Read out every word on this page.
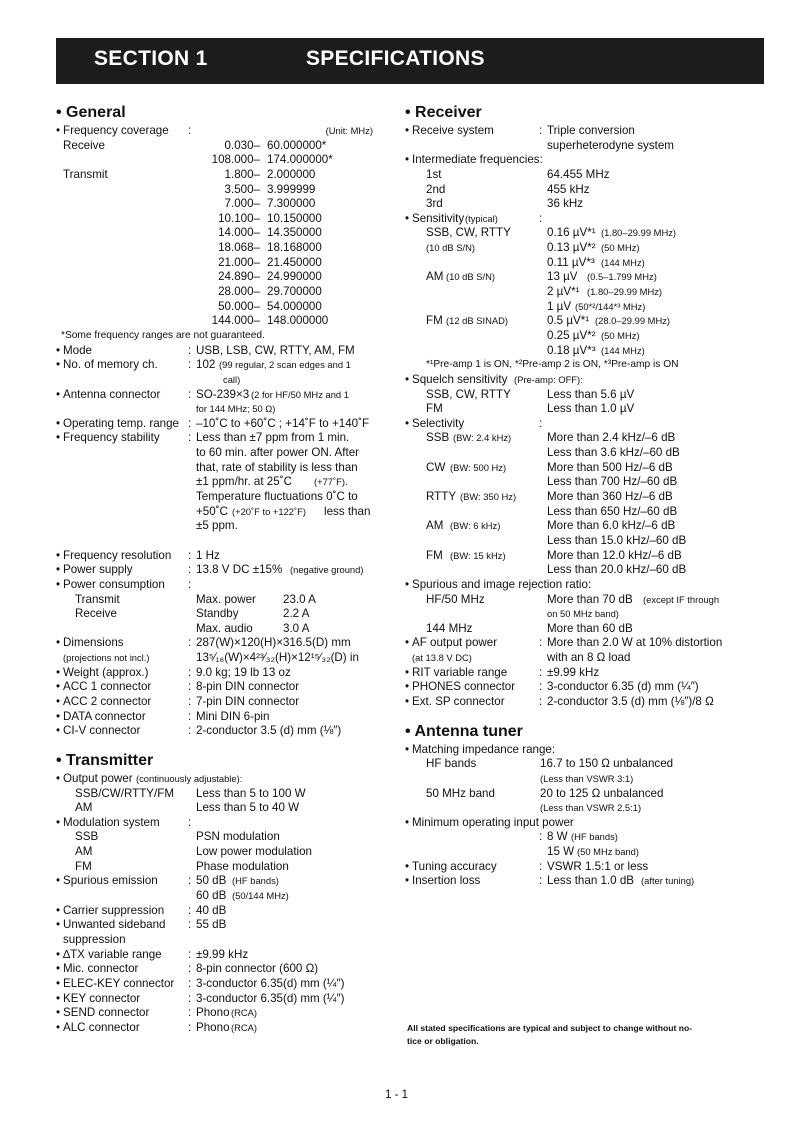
SECTION 1	SPECIFICATIONS
• General
• Frequency coverage :	(Unit: MHz)
Receive	0.030– 60.000000*
108.000– 174.000000*
Transmit	1.800– 2.000000
3.500– 3.999999
7.000– 7.300000
10.100– 10.150000
14.000– 14.350000
18.068– 18.168000
21.000– 21.450000
24.890– 24.990000
28.000– 29.700000
50.000– 54.000000
144.000– 148.000000
*Some frequency ranges are not guaranteed.
• Mode	: USB, LSB, CW, RTTY, AM, FM
• No. of memory ch.	: 102 (99 regular, 2 scan edges and 1
call)
• Antenna connector : SO-239×3 (2 for HF/50 MHz and 1
for 144 MHz; 50 Ω)
• Operating temp. range : –10˚C to +60˚C ; +14˚F to +140˚F
• Frequency stability : Less than ±7 ppm from 1 min.
to 60 min. after power ON. After
that, rate of stability is less than
±1 ppm/hr. at 25˚C (+77˚F).
Temperature fluctuations 0˚C to
+50˚C (+20˚F to +122˚F) less than
±5 ppm.
• Frequency resolution : 1 Hz
• Power supply	: 13.8 V DC ±15% (negative ground)
• Power consumption :
Transmit	Max. power 23.0 A
Receive	Standby	2.2 A
Max. audio	3.0 A
• Dimensions	: 287(W)×120(H)×316.5(D) mm
(projections not incl.)	13⁵⁄₁₆(W)×4²³⁄₃₂(H)×12¹⁵⁄₃₂(D) in
• Weight (approx.)	: 9.0 kg; 19 lb 13 oz
• ACC 1 connector	: 8-pin DIN connector
• ACC 2 connector	: 7-pin DIN connector
• DATA connector	: Mini DIN 6-pin
• CI-V connector	: 2-conductor 3.5 (d) mm (⅛″)
• Transmitter
• Output power (continuously adjustable):
SSB/CW/RTTY/FM Less than 5 to 100 W
AM	Less than 5 to 40 W
• Modulation system :
SSB	PSN modulation
AM	Low power modulation
FM	Phase modulation
• Spurious emission	: 50 dB (HF bands)
60 dB (50/144 MHz)
• Carrier suppression : 40 dB
• Unwanted sideband : 55 dB
suppression
• ∆TX variable range : ±9.99 kHz
• Mic. connector	: 8-pin connector (600 Ω)
• ELEC-KEY connector : 3-conductor 6.35(d) mm (¼″)
• KEY connector	: 3-conductor 6.35(d) mm (¼″)
• SEND connector	: Phono (RCA)
• ALC connector	: Phono (RCA)
• Receiver
• Receive system	: Triple conversion
superheterodyne system
• Intermediate frequencies:
1st	64.455 MHz
2nd	455 kHz
3rd	36 kHz
• Sensitivity (typical)	:
SSB, CW, RTTY	0.16 µV*¹ (1.80–29.99 MHz)
(10 dB S/N)	0.13 µV*² (50 MHz)
0.11 µV*³ (144 MHz)
AM (10 dB S/N)	13 µV (0.5–1.799 MHz)
2 µV*¹ (1.80–29.99 MHz)
1 µV (50*²/144*³ MHz)
FM (12 dB SINAD)	0.5 µV*¹ (28.0–29.99 MHz)
0.25 µV*² (50 MHz)
0.18 µV*³ (144 MHz)
*¹Pre-amp 1 is ON, *²Pre-amp 2 is ON, *³Pre-amp is ON
• Squelch sensitivity (Pre-amp: OFF):
SSB, CW, RTTY	Less than 5.6 µV
FM	Less than 1.0 µV
• Selectivity	:
SSB (BW: 2.4 kHz)	More than 2.4 kHz/–6 dB
Less than 3.6 kHz/–60 dB
CW (BW: 500 Hz)	More than 500 Hz/–6 dB
Less than 700 Hz/–60 dB
RTTY (BW: 350 Hz)	More than 360 Hz/–6 dB
Less than 650 Hz/–60 dB
AM (BW: 6 kHz)	More than 6.0 kHz/–6 dB
Less than 15.0 kHz/–60 dB
FM (BW: 15 kHz)	More than 12.0 kHz/–6 dB
Less than 20.0 kHz/–60 dB
• Spurious and image rejection ratio:
HF/50 MHz	More than 70 dB (except IF through
on 50 MHz band)
144 MHz	More than 60 dB
• AF output power	: More than 2.0 W at 10% distortion
(at 13.8 V DC)	with an 8 Ω load
• RIT variable range	: ±9.99 kHz
• PHONES connector : 3-conductor 6.35 (d) mm (¼″)
• Ext. SP connector	: 2-conductor 3.5 (d) mm (⅛″)/8 Ω
• Antenna tuner
• Matching impedance range:
HF bands	16.7 to 150 Ω unbalanced
(Less than VSWR 3:1)
50 MHz band	20 to 125 Ω unbalanced
(Less than VSWR 2.5:1)
• Minimum operating input power
: 8 W (HF bands)
15 W (50 MHz band)
• Tuning accuracy	: VSWR 1.5:1 or less
• Insertion loss	: Less than 1.0 dB (after tuning)
All stated specifications are typical and subject to change without no-
tice or obligation.
1 - 1
